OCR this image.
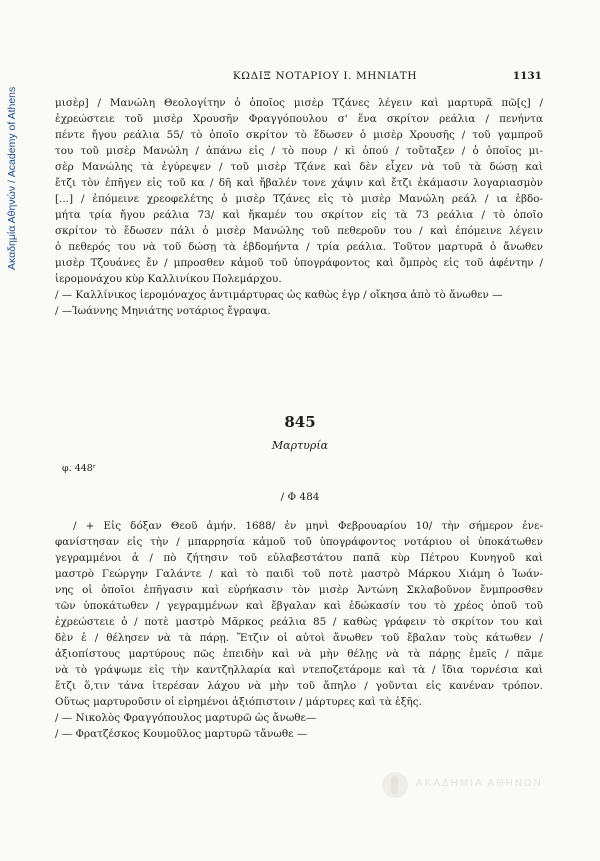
Ακαδημία Αθηνών / Academy of Athens
ΚΩΔΙΞ ΝΟΤΑΡΙΟΥ Ι. ΜΗΝΙΑΤΗ	1131
μισὲρ] / Μανώλη Θεολογίτην ὁ ὁποῖος μισὲρ Τζάνες λέγειν καὶ μαρτυρᾶ πῶ[ς] /
ἐχρεώστειε τοῦ μισὲρ Χρουσῆν Φραγγόπουλου σ' ἕνα σκρίτον ρεάλια / πενήντα
πέντε ἤγου ρεάλια 55/ τὸ ὁποῖο σκρίτον τὸ ἔδωσεν ὁ μισὲρ Χρουσῆς / τοῦ γαμπροῦ
του τοῦ μισὲρ Μανώλη / ἀπάνω εἰς / τὸ πουρ / κὶ ὁπού / τοὔταξεν / ὁ ὁποῖος μι-
σὲρ Μανώλης τὰ ἐγύρεψεν / τοῦ μισὲρ Τζάνε καὶ δὲν εἶχεν νὰ τοῦ τὰ δώσῃ καὶ
ἔτζι τὸν ἐπῆγεν εἰς τοῦ κα / δῆ καὶ ἤβαλέν τονε χάψιν καὶ ἔτζι ἐκάμασιν λογαριασμὸν
[...] / ἐπόμεινε χρεοφελέτης ὁ μισὲρ Τζάνες εἰς τὸ μισὲρ Μανώλη ρεάλ / ια ἑβδο-
μήτα τρία ἤγου ρεάλια 73/ καὶ ἤκαμέν του σκρίτον εἰς τὰ 73 ρεάλια / τὸ ὁποῖο
σκρίτον τὸ ἔδωσεν πάλι ὁ μισὲρ Μανώλης τοῦ πεθεροῦν του / καὶ ἐπόμεινε λέγειν
ὁ πεθερός του νὰ τοῦ δώσῃ τὰ ἑβδομήντα / τρία ρεάλια. Τοῦτον μαρτυρᾶ ὁ ἄνωθεν
μισὲρ Τζουάνες ἔν / μπροσθεν κἀμοῦ τοῦ ὑπογράφοντος καὶ ὄμπρὸς εἰς τοῦ ἀφέντην /
ἱερομονάχου κὺρ Καλλινίκου Πολεμάρχου.
/ — Καλλίνικος ἱερομόναχος ἀντιμάρτυρας ὡς καθὼς ἐγρ / οἴκησα ἀπὸ τὸ ἄνωθεν —
/ —Ἰωάννης Μηνιάτης νοτάριος ἔγραψα.
845
Μαρτυρία
φ. 448ʳ
/ Φ 484
/ + Εἰς δόξαν Θεοῦ ἀμήν. 1688/ ἐν μηνὶ Φεβρουαρίου 10/ τὴν σήμερον ἐνε-
φανίστησαν εἰς τὴν / μπαρρησία κἀμοῦ τοῦ ὑπογράφοντος νοτάριου οἱ ὑποκάτωθεν
γεγραμμένοι ἀ / πὸ ζήτησιν τοῦ εὐλαβεστάτου παπᾶ κὺρ Πέτρου Κυνηγοῦ καὶ
μαστρὸ Γεώργην Γαλάντε / καὶ τὸ παιδὶ τοῦ ποτὲ μαστρὸ Μάρκου Χιάμη ὁ Ἰωάν-
νης οἱ ὁποῖοι ἐπῆγασιν καὶ εὑρήκασιν τὸν μισὲρ Ἀντώνη Σκλαβοῦνον ἔνμπροσθεν
τῶν ὑποκάτωθεν / γεγραμμένων καὶ ἔβγαλαν καὶ ἐδώκασίν του τὸ χρέος ὁποῦ τοῦ
ἐχρεώστειε ὁ / ποτὲ μαστρὸ Μᾶρκος ρεάλια 85 / καθὼς γράφειν τὸ σκρίτον του καὶ
δὲν ἐ / θέλησεν νὰ τὰ πάρῃ. Ἔτζιν οἱ αὐτοὶ ἄνωθεν τοῦ ἔβαλαν τοὺς κάτωθεν /
ἀξιοπίστους μαρτύρους πῶς ἐπειδὴν καὶ νὰ μὴν θέλῃς νὰ τὰ πάρῃς ἐμεῖς / πᾶμε
νὰ τὸ γράψωμε εἰς τὴν καντζηλλαρία καὶ ντεποζετάρομε καὶ τὰ / ἴδια τορνέσια καὶ
ἔτζι ὅ,τιν τάνα ἰτερέσαν λάχου νὰ μὴν τοῦ ἄπηλο / γοῦνται εἰς κανέναν τρόπον.
Οὕτως μαρτυροῦσιν οἱ εἰρημένοι ἀξιόπιστοιν / μάρτυρες καὶ τὰ ἑξῆς.
/ — Νικολὸς Φραγγόπουλος μαρτυρῶ ὡς ἄνωθε—
/ — Φρατζέσκος Κουμοῦλος μαρτυρῶ τἄνωθε —
ΑΚΑΔΗΜΙΑ ΑΘΗΝΩΝ
